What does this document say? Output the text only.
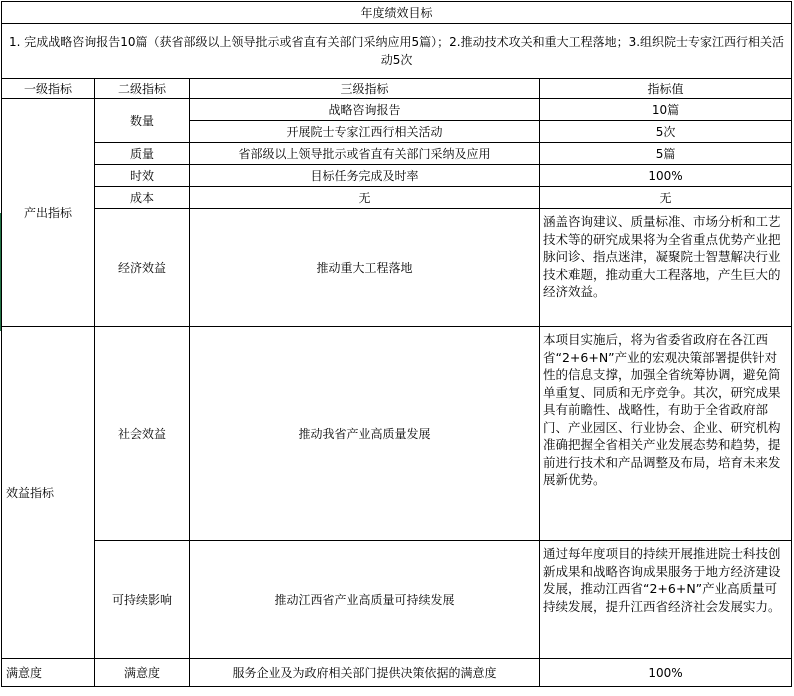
年度绩效目标			
1. 完成战略咨询报告10篇（获省部级以上领导批示或省直有关部门采纳应用5篇）；2.推动技术攻关和重大工程落地；3.组织院士专家江西行相关活动5次			
一级指标	二级指标	三级指标	指标值
产出指标	数量	战略咨询报告	10篇
		开展院士专家江西行相关活动	5次
	质量	省部级以上领导批示或省直有关部门采纳及应用	5篇
	时效	目标任务完成及时率	100%
	成本	无	无
	经济效益	推动重大工程落地	涵盖咨询建议、质量标准、市场分析和工艺技术等的研究成果将为全省重点优势产业把脉问诊、指点迷津，凝聚院士智慧解决行业技术难题，推动重大工程落地，产生巨大的经济效益。
效益指标	社会效益	推动我省产业高质量发展	本项目实施后，将为省委省政府在各江西省“2+6+N”产业的宏观决策部署提供针对性的信息支撑，加强全省统筹协调，避免简单重复、同质和无序竞争。其次，研究成果具有前瞻性、战略性，有助于全省政府部门、产业园区、行业协会、企业、研究机构准确把握全省相关产业发展态势和趋势，提前进行技术和产品调整及布局，培育未来发展新优势。
	可持续影响	推动江西省产业高质量可持续发展	通过每年度项目的持续开展推进院士科技创新成果和战略咨询成果服务于地方经济建设发展，推动江西省“2+6+N”产业高质量可持续发展，提升江西省经济社会发展实力。
满意度	满意度	服务企业及为政府相关部门提供决策依据的满意度	100%
